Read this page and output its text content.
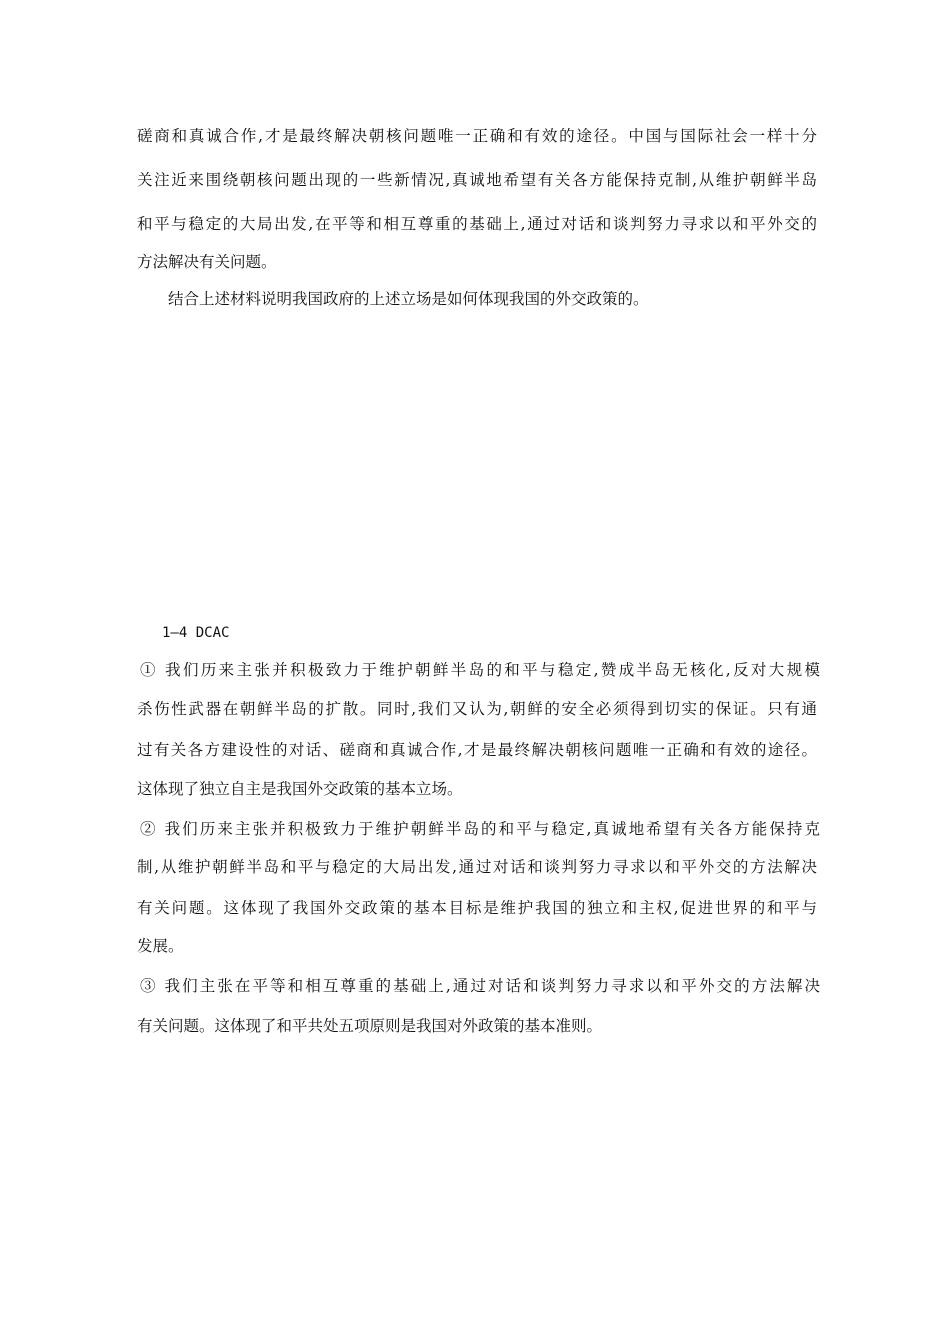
磋商和真诚合作,才是最终解决朝核问题唯一正确和有效的途径。中国与国际社会一样十分
关注近来围绕朝核问题出现的一些新情况,真诚地希望有关各方能保持克制,从维护朝鲜半岛
和平与稳定的大局出发,在平等和相互尊重的基础上,通过对话和谈判努力寻求以和平外交的
方法解决有关问题。
结合上述材料说明我国政府的上述立场是如何体现我国的外交政策的。
1—4 DCAC
① 我们历来主张并积极致力于维护朝鲜半岛的和平与稳定,赞成半岛无核化,反对大规模
杀伤性武器在朝鲜半岛的扩散。同时,我们又认为,朝鲜的安全必须得到切实的保证。只有通
过有关各方建设性的对话、磋商和真诚合作,才是最终解决朝核问题唯一正确和有效的途径。
这体现了独立自主是我国外交政策的基本立场。
② 我们历来主张并积极致力于维护朝鲜半岛的和平与稳定,真诚地希望有关各方能保持克
制,从维护朝鲜半岛和平与稳定的大局出发,通过对话和谈判努力寻求以和平外交的方法解决
有关问题。这体现了我国外交政策的基本目标是维护我国的独立和主权,促进世界的和平与
发展。
③ 我们主张在平等和相互尊重的基础上,通过对话和谈判努力寻求以和平外交的方法解决
有关问题。这体现了和平共处五项原则是我国对外政策的基本准则。
